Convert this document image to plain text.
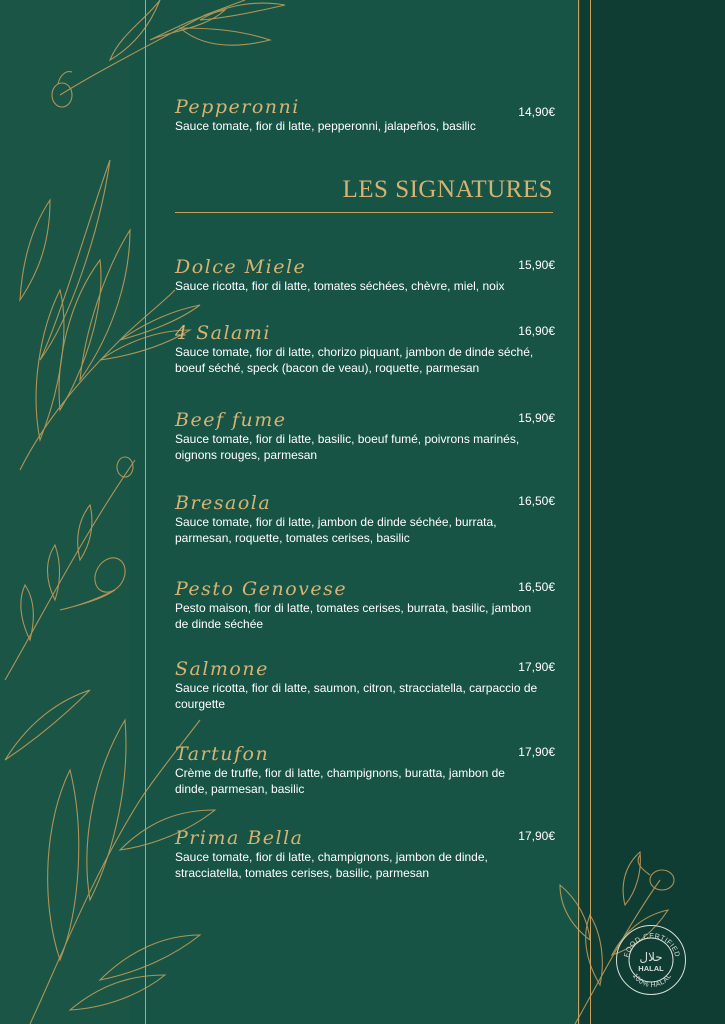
Pepperonni	14,90€
Sauce tomate, fior di latte, pepperonni, jalapeños, basilic
LES SIGNATURES
Dolce Miele	15,90€
Sauce ricotta, fior di latte, tomates séchées, chèvre, miel, noix
4 Salami	16,90€
Sauce tomate, fior di latte, chorizo piquant, jambon de dinde séché,
boeuf séché, speck (bacon de veau), roquette, parmesan
Beef fume	15,90€
Sauce tomate, fior di latte, basilic, boeuf fumé, poivrons marinés,
oignons rouges, parmesan
Bresaola	16,50€
Sauce tomate, fior di latte, jambon de dinde séchée, burrata,
parmesan, roquette, tomates cerises, basilic
Pesto Genovese	16,50€
Pesto maison, fior di latte, tomates cerises, burrata, basilic, jambon
de dinde séchée
Salmone	17,90€
Sauce ricotta, fior di latte, saumon, citron, stracciatella, carpaccio de
courgette
Tartufon	17,90€
Crème de truffe, fior di latte, champignons, buratta, jambon de
dinde, parmesan, basilic
Prima Bella	17,90€
Sauce tomate, fior di latte, champignons, jambon de dinde,
stracciatella, tomates cerises, basilic, parmesan
FOOD CERTIFIED
100% HALAL
حلال
HALAL
